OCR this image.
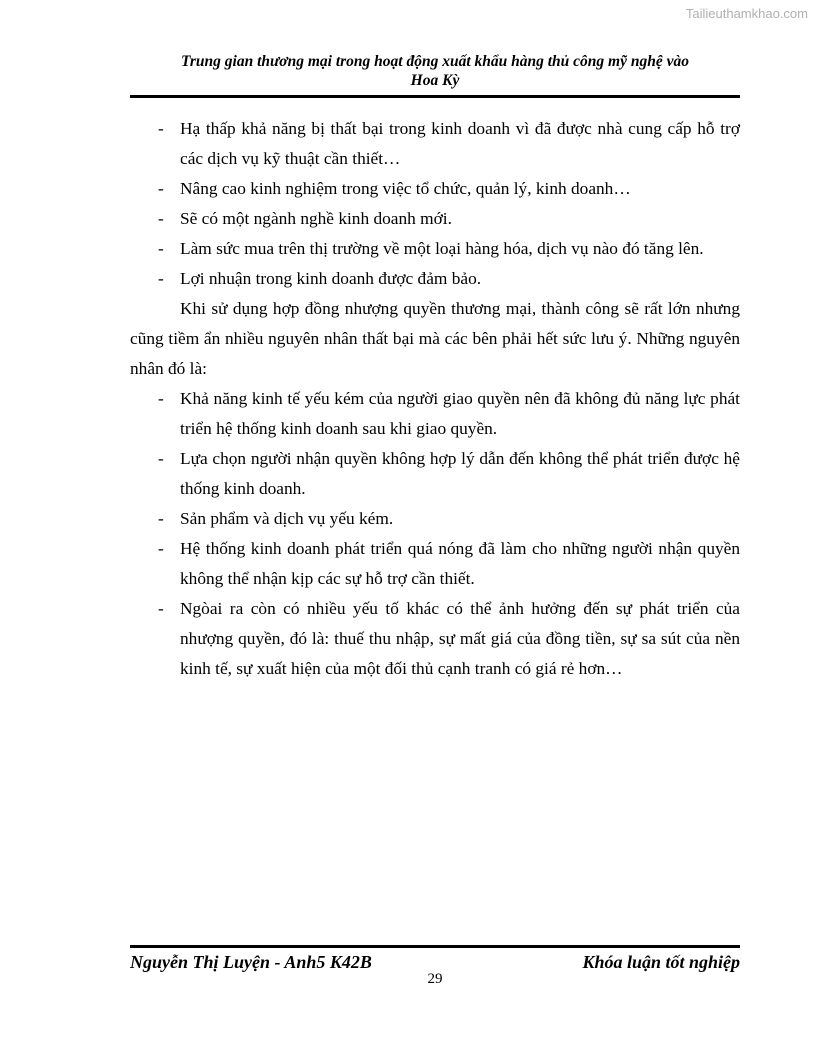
Tailieuthamkhao.com
Trung gian thương mại trong hoạt động xuất khẩu hàng thủ công mỹ nghệ vào
Hoa Kỳ
- Hạ thấp khả năng bị thất bại trong kinh doanh vì đã được nhà cung cấp hỗ trợ các dịch vụ kỹ thuật cần thiết…
- Nâng cao kinh nghiệm trong việc tổ chức, quản lý, kinh doanh…
- Sẽ có một ngành nghề kinh doanh mới.
- Làm sức mua trên thị trường về một loại hàng hóa, dịch vụ nào đó tăng lên.
- Lợi nhuận trong kinh doanh được đảm bảo.
Khi sử dụng hợp đồng nhượng quyền thương mại, thành công sẽ rất lớn nhưng cũng tiềm ẩn nhiều nguyên nhân thất bại mà các bên phải hết sức lưu ý. Những nguyên nhân đó là:
- Khả năng kinh tế yếu kém của người giao quyền nên đã không đủ năng lực phát triển hệ thống kinh doanh sau khi giao quyền.
- Lựa chọn người nhận quyền không hợp lý dẫn đến không thể phát triển được hệ thống kinh doanh.
- Sản phẩm và dịch vụ yếu kém.
- Hệ thống kinh doanh phát triển quá nóng đã làm cho những người nhận quyền không thể nhận kịp các sự hỗ trợ cần thiết.
- Ngòai ra còn có nhiều yếu tố khác có thể ảnh hưởng đến sự phát triển của nhượng quyền, đó là: thuế thu nhập, sự mất giá của đồng tiền, sự sa sút của nền kinh tế, sự xuất hiện của một đối thủ cạnh tranh có giá rẻ hơn…
Nguyễn Thị Luyện - Anh5 K42B	Khóa luận tốt nghiệp
29
